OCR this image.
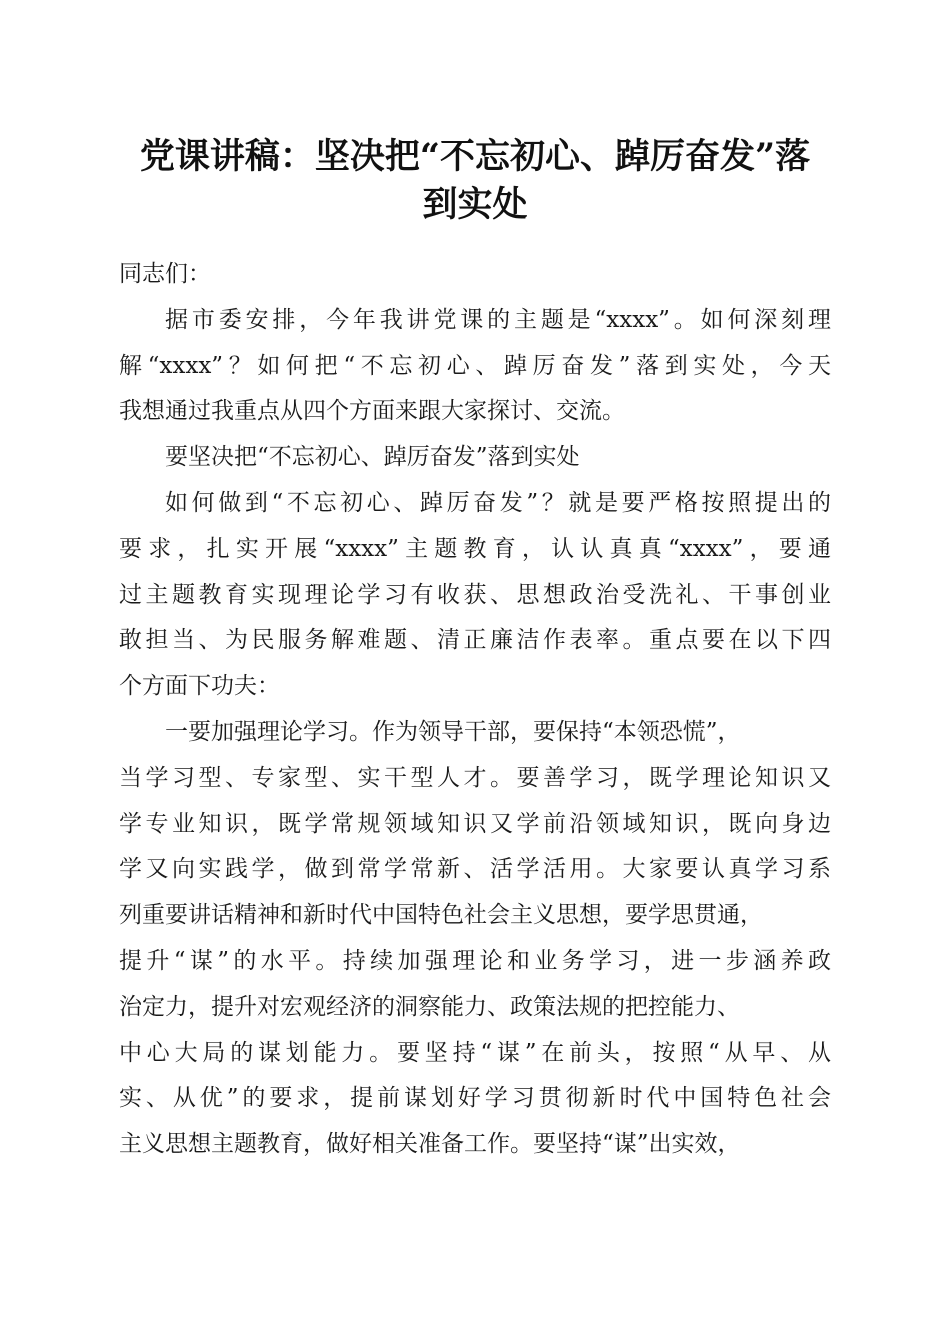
党课讲稿：坚决把“不忘初心、踔厉奋发”落
到实处
同志们：

据市委安排，今年我讲党课的主题是“xxxx”。如何深刻理
解“xxxx”？如何把“不忘初心、踔厉奋发”落到实处，今天
我想通过我重点从四个方面来跟大家探讨、交流。

要坚决把“不忘初心、踔厉奋发”落到实处

如何做到“不忘初心、踔厉奋发”？就是要严格按照提出的
要求，扎实开展“xxxx”主题教育，认认真真“xxxx”，要通
过主题教育实现理论学习有收获、思想政治受洗礼、干事创业
敢担当、为民服务解难题、清正廉洁作表率。重点要在以下四
个方面下功夫：

一要加强理论学习。作为领导干部，要保持“本领恐慌”，
当学习型、专家型、实干型人才。要善学习，既学理论知识又
学专业知识，既学常规领域知识又学前沿领域知识，既向身边
学又向实践学，做到常学常新、活学活用。大家要认真学习系
列重要讲话精神和新时代中国特色社会主义思想，要学思贯通，
提升“谋”的水平。持续加强理论和业务学习，进一步涵养政
治定力，提升对宏观经济的洞察能力、政策法规的把控能力、
中心大局的谋划能力。要坚持“谋”在前头，按照“从早、从
实、从优”的要求，提前谋划好学习贯彻新时代中国特色社会
主义思想主题教育，做好相关准备工作。要坚持“谋”出实效，
